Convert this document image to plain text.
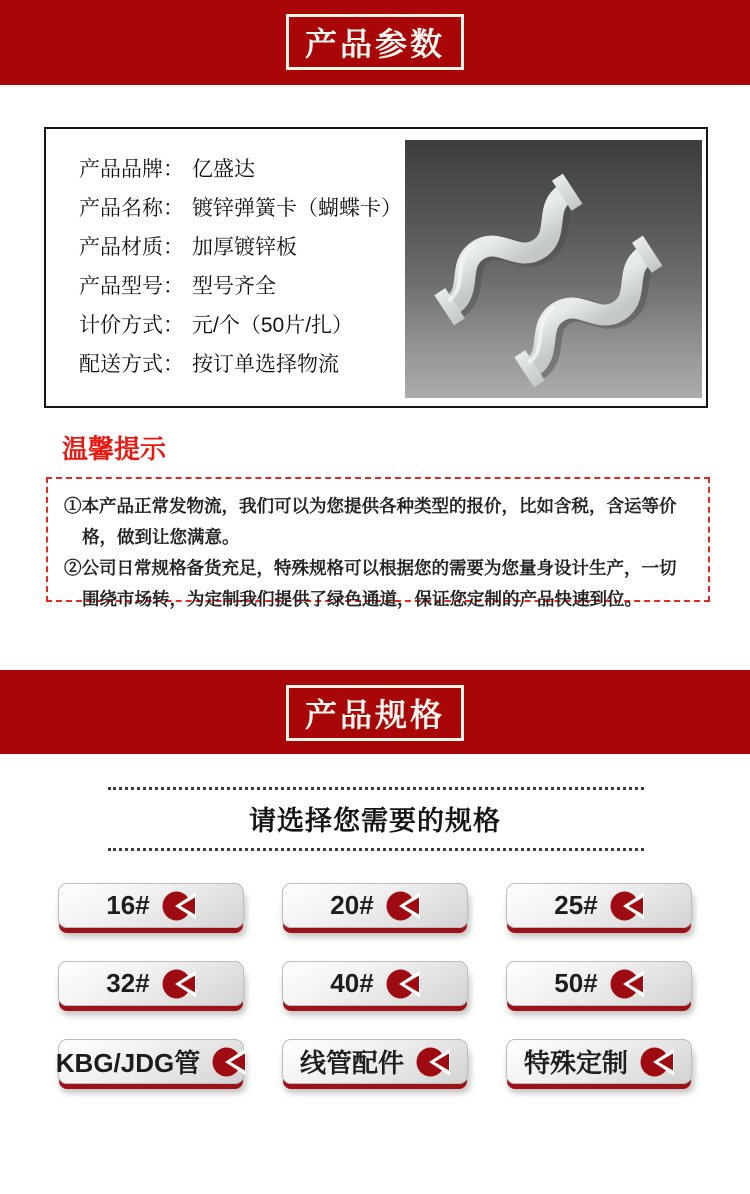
产品参数
产品品牌： 亿盛达
产品名称： 镀锌弹簧卡（蝴蝶卡）
产品材质： 加厚镀锌板
产品型号： 型号齐全
计价方式： 元/个（50片/扎）
配送方式： 按订单选择物流
温馨提示

①本产品正常发物流，我们可以为您提供各种类型的报价，比如含税，含运等价格，做到让您满意。

②公司日常规格备货充足，特殊规格可以根据您的需要为您量身设计生产，一切围绕市场转，为定制我们提供了绿色通道，保证您定制的产品快速到位。

产品规格
请选择您需要的规格
16#	20#	25#
32#	40#	50#
KBG/JDG管	线管配件	特殊定制
